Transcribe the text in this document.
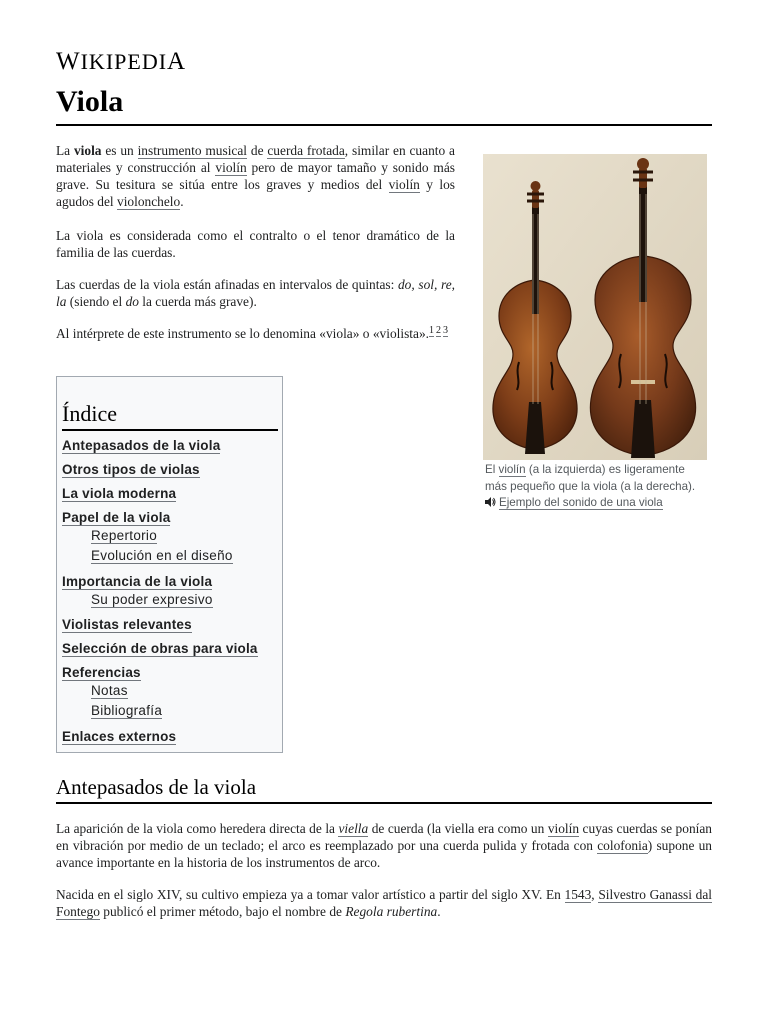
WIKIPEDIA
Viola

La viola es un instrumento musical de cuerda frotada, similar en cuanto a materiales y construcción al violín pero de mayor tamaño y sonido más grave. Su tesitura se sitúa entre los graves y medios del violín y los agudos del violonchelo.

La viola es considerada como el contralto o el tenor dramático de la familia de las cuerdas.

Las cuerdas de la viola están afinadas en intervalos de quintas: do, sol, re, la (siendo el do la cuerda más grave).

Al intérprete de este instrumento se lo denomina «viola» o «violista».$^{1 2 3}$

El violín (a la izquierda) es ligeramente más pequeño que la viola (a la derecha).
Ejemplo del sonido de una viola
Índice
Antepasados de la viola
Otros tipos de violas
La viola moderna
Papel de la viola
Repertorio
Evolución en el diseño
Importancia de la viola
Su poder expresivo
Violistas relevantes
Selección de obras para viola
Referencias
Notas
Bibliografía
Enlaces externos
Antepasados de la viola

La aparición de la viola como heredera directa de la viella de cuerda (la viella era como un violín cuyas cuerdas se ponían en vibración por medio de un teclado; el arco es reemplazado por una cuerda pulida y frotada con colofonia) supone un avance importante en la historia de los instrumentos de arco.

Nacida en el siglo XIV, su cultivo empieza ya a tomar valor artístico a partir del siglo XV. En 1543, Silvestro Ganassi dal Fontego publicó el primer método, bajo el nombre de Regola rubertina.
